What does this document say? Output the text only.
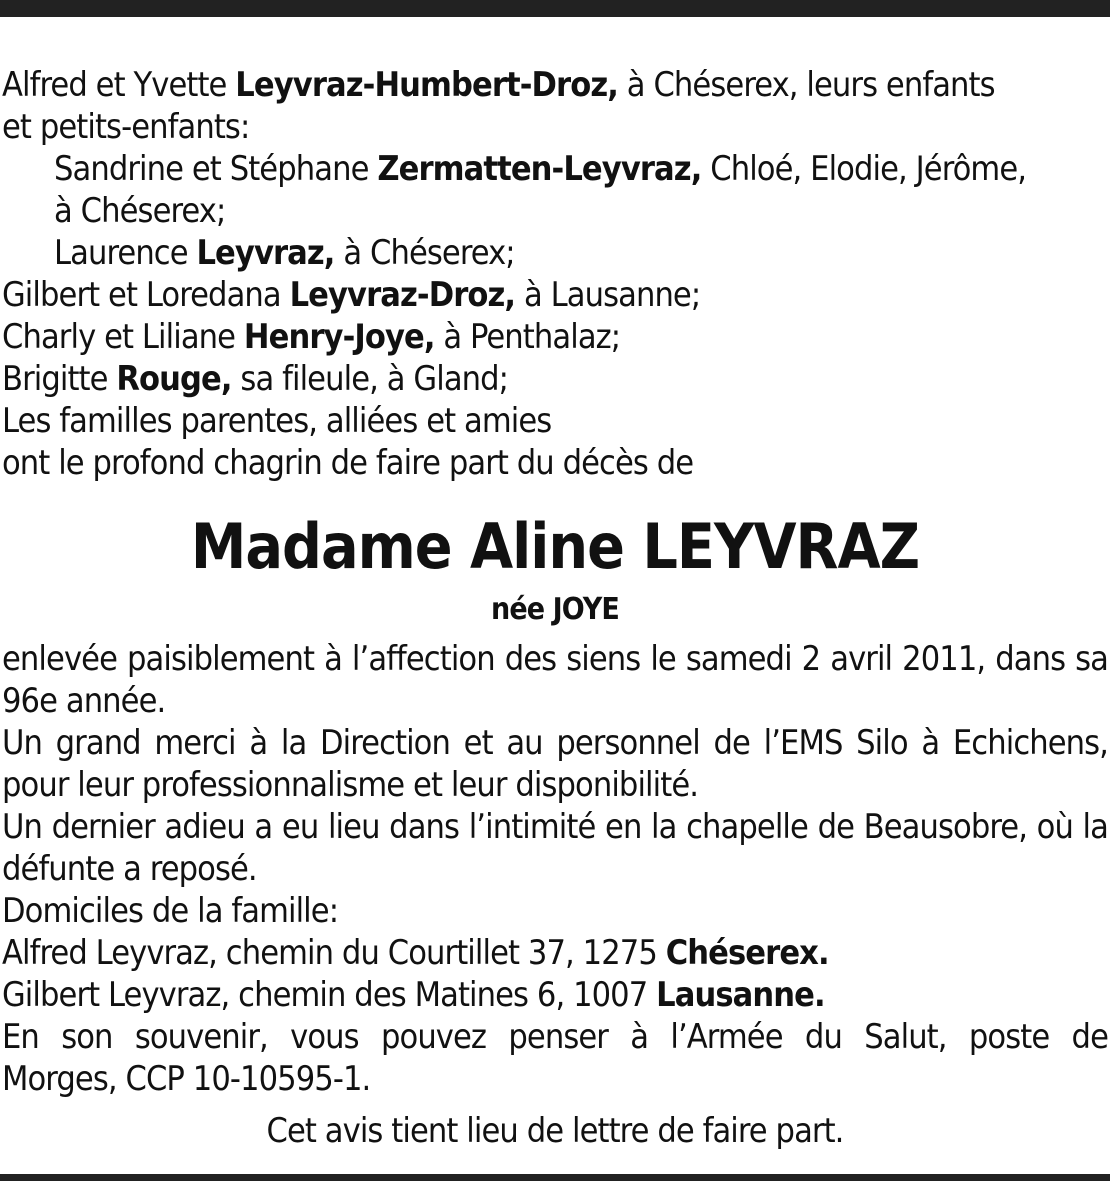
Alfred et Yvette Leyvraz-Humbert-Droz, à Chéserex, leurs enfants
et petits-enfants:
Sandrine et Stéphane Zermatten-Leyvraz, Chloé, Elodie, Jérôme,
à Chéserex;
Laurence Leyvraz, à Chéserex;
Gilbert et Loredana Leyvraz-Droz, à Lausanne;
Charly et Liliane Henry-Joye, à Penthalaz;
Brigitte Rouge, sa fileule, à Gland;
Les familles parentes, alliées et amies
ont le profond chagrin de faire part du décès de
Madame Aline LEYVRAZ
née JOYE
enlevée paisiblement à l’affection des siens le samedi 2 avril 2011, dans sa 96e année.
Un grand merci à la Direction et au personnel de l’EMS Silo à Echichens, pour leur professionnalisme et leur disponibilité.
Un dernier adieu a eu lieu dans l’intimité en la chapelle de Beausobre, où la défunte a reposé.
Domiciles de la famille:
Alfred Leyvraz, chemin du Courtillet 37, 1275 Chéserex.
Gilbert Leyvraz, chemin des Matines 6, 1007 Lausanne.
En son souvenir, vous pouvez penser à l’Armée du Salut, poste de
Morges, CCP 10-10595-1.
Cet avis tient lieu de lettre de faire part.
